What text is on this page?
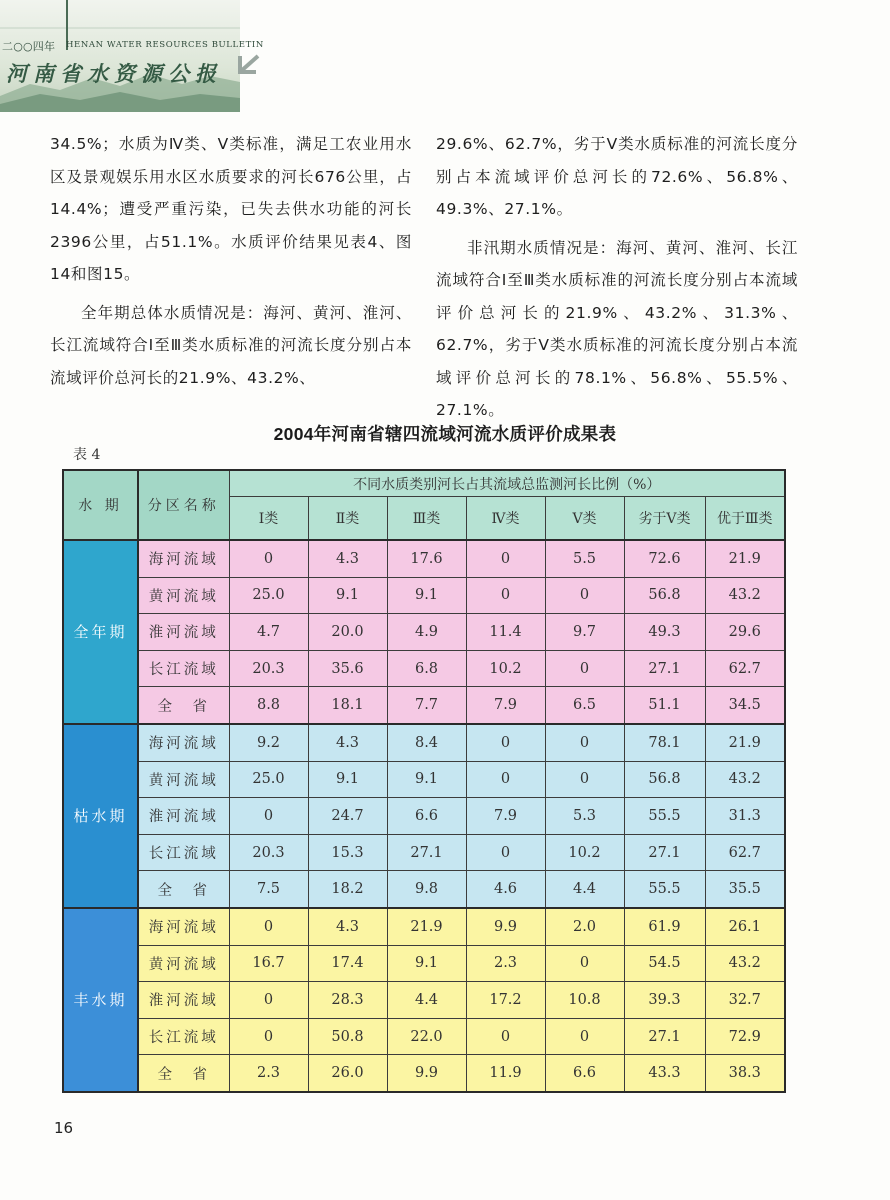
二○○四年 HENAN WATER RESOURCES BULLETIN
河南省水资源公报

34.5%；水质为Ⅳ类、Ⅴ类标准，满足工农业用水区及景观娱乐用水区水质要求的河长676公里，占14.4%；遭受严重污染，已失去供水功能的河长2396公里，占51.1%。水质评价结果见表4、图14和图15。

全年期总体水质情况是：海河、黄河、淮河、长江流域符合Ⅰ至Ⅲ类水质标准的河流长度分别占本流域评价总河长的21.9%、43.2%、

29.6%、62.7%，劣于Ⅴ类水质标准的河流长度分别占本流域评价总河长的72.6%、56.8%、49.3%、27.1%。

非汛期水质情况是：海河、黄河、淮河、长江流域符合Ⅰ至Ⅲ类水质标准的河流长度分别占本流域评价总河长的21.9%、43.2%、31.3%、62.7%，劣于Ⅴ类水质标准的河流长度分别占本流域评价总河长的78.1%、56.8%、55.5%、27.1%。

2004年河南省辖四流域河流水质评价成果表
表 4
水 期	分区名称	不同水质类别河长占其流域总监测河长比例（%）						
		Ⅰ类	Ⅱ类	Ⅲ类	Ⅳ类	Ⅴ类	劣于Ⅴ类	优于Ⅲ类
全年期	海河流域	0	4.3	17.6	0	5.5	72.6	21.9
	黄河流域	25.0	9.1	9.1	0	0	56.8	43.2
	淮河流域	4.7	20.0	4.9	11.4	9.7	49.3	29.6
	长江流域	20.3	35.6	6.8	10.2	0	27.1	62.7
	全　省	8.8	18.1	7.7	7.9	6.5	51.1	34.5
枯水期	海河流域	9.2	4.3	8.4	0	0	78.1	21.9
	黄河流域	25.0	9.1	9.1	0	0	56.8	43.2
	淮河流域	0	24.7	6.6	7.9	5.3	55.5	31.3
	长江流域	20.3	15.3	27.1	0	10.2	27.1	62.7
	全　省	7.5	18.2	9.8	4.6	4.4	55.5	35.5
丰水期	海河流域	0	4.3	21.9	9.9	2.0	61.9	26.1
	黄河流域	16.7	17.4	9.1	2.3	0	54.5	43.2
	淮河流域	0	28.3	4.4	17.2	10.8	39.3	32.7
	长江流域	0	50.8	22.0	0	0	27.1	72.9
	全　省	2.3	26.0	9.9	11.9	6.6	43.3	38.3
16
